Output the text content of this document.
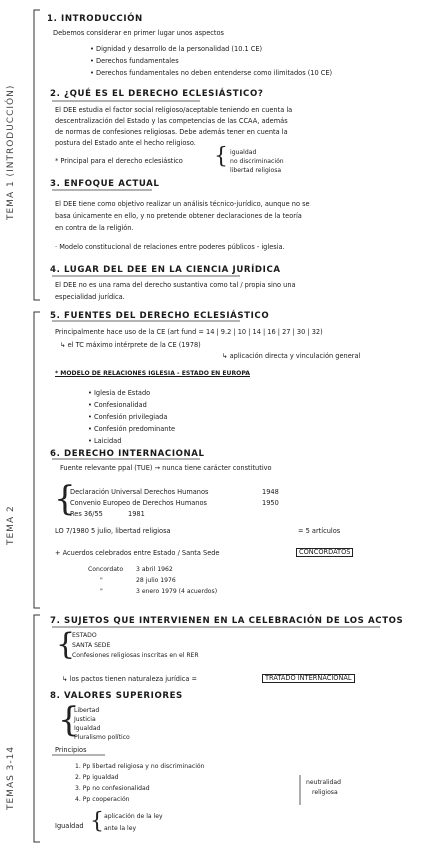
TEMA 1 (INTRODUCCIÓN)
TEMA 2
TEMAS 3-14
1. INTRODUCCIÓN
Debemos considerar en primer lugar unos aspectos
• Dignidad y desarrollo de la personalidad (10.1 CE)
• Derechos fundamentales
• Derechos fundamentales no deben entenderse como ilimitados (10 CE)
2. ¿QUÉ ES EL DERECHO ECLESIÁSTICO?
El DEE estudia el factor social religioso/aceptable teniendo en cuenta la
descentralización del Estado y las competencias de las CCAA, además
de normas de confesiones religiosas. Debe además tener en cuenta la
postura del Estado ante el hecho religioso.
* Principal para el derecho eclesiástico { igualdad
no discriminación
libertad religiosa
3. ENFOQUE ACTUAL
El DEE tiene como objetivo realizar un análisis técnico-jurídico, aunque no se
basa únicamente en ello, y no pretende obtener declaraciones de la teoría
en contra de la religión.
· Modelo constitucional de relaciones entre poderes públicos - iglesia.
4. LUGAR DEL DEE EN LA CIENCIA JURÍDICA
El DEE no es una rama del derecho sustantiva como tal / propia sino una
especialidad jurídica.
5. FUENTES DEL DERECHO ECLESIÁSTICO
Principalmente hace uso de la CE (art fund = 14 | 9.2 | 10 | 14 | 16 | 27 | 30 | 32)
↳ el TC máximo intérprete de la CE (1978)
↳ aplicación directa y vinculación general
* MODELO DE RELACIONES IGLESIA - ESTADO EN EUROPA
• Iglesia de Estado
• Confesionalidad
• Confesión privilegiada
• Confesión predominante
• Laicidad
6. DERECHO INTERNACIONAL
Fuente relevante ppal (TUE) → nunca tiene carácter constitutivo
{
Declaración Universal Derechos Humanos	1948
Convenio Europeo de Derechos Humanos	1950
Res 36/55	1981
LO 7/1980 5 julio, libertad religiosa	= 5 artículos
+ Acuerdos celebrados entre Estado / Santa Sede	CONCORDATOS
Concordato 3 abril 1962
"	28 julio 1976
"	3 enero 1979 (4 acuerdos)
7. SUJETOS QUE INTERVIENEN EN LA CELEBRACIÓN DE LOS ACTOS
{
ESTADO
SANTA SEDE
Confesiones religiosas inscritas en el RER
↳ los pactos tienen naturaleza jurídica =	TRATADO INTERNACIONAL
8. VALORES SUPERIORES
{
Libertad
Justicia
Igualdad
Pluralismo político
Principios
1. Pp libertad religiosa y no discriminación
2. Pp igualdad
3. Pp no confesionalidad
4. Pp cooperación
neutralidad
religiosa
Igualdad { aplicación de la ley
ante la ley
